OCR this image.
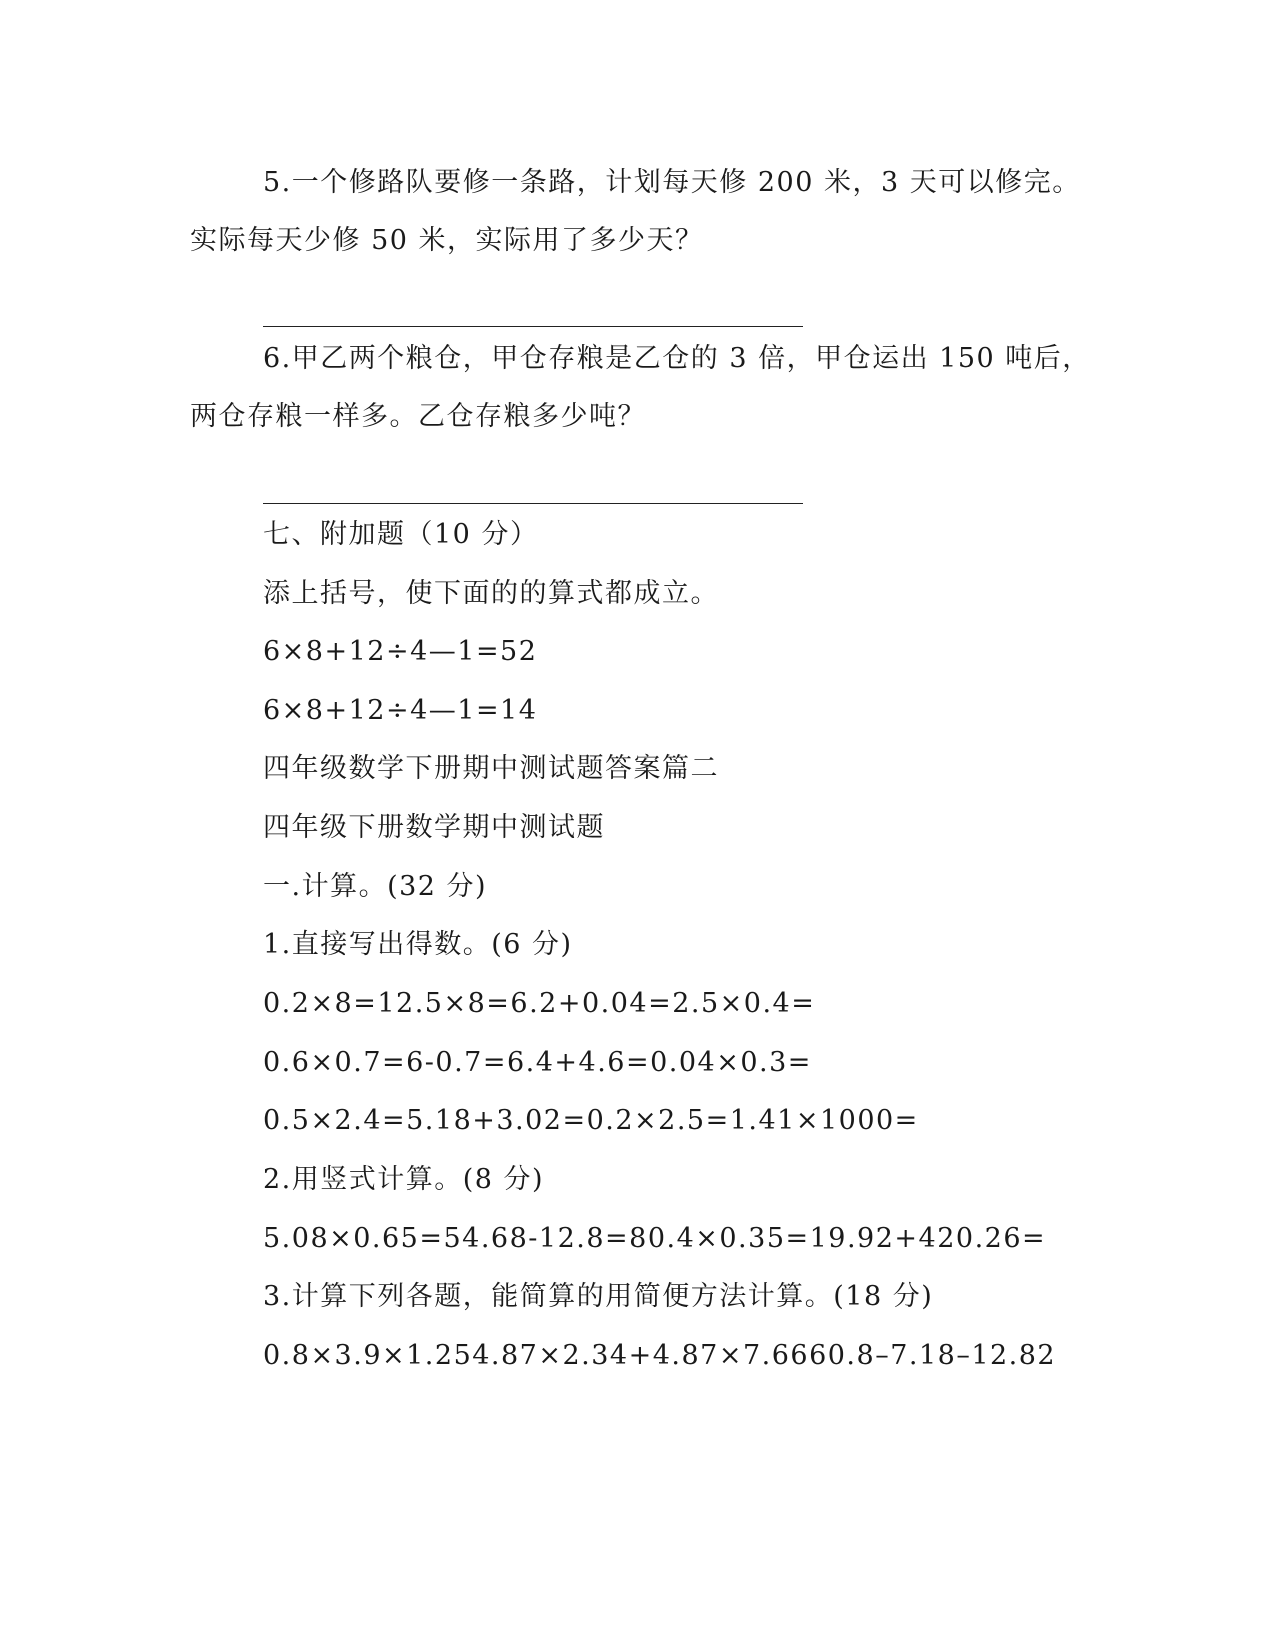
5.一个修路队要修一条路，计划每天修 200 米，3 天可以修完。
实际每天少修 50 米，实际用了多少天？
6.甲乙两个粮仓，甲仓存粮是乙仓的 3 倍，甲仓运出 150 吨后，
两仓存粮一样多。乙仓存粮多少吨？
七、附加题（10 分）
添上括号，使下面的的算式都成立。
6×8+12÷4—1=52
6×8+12÷4—1=14
四年级数学下册期中测试题答案篇二
四年级下册数学期中测试题
一.计算。(32 分)
1.直接写出得数。(6 分)
0.2×8=12.5×8=6.2+0.04=2.5×0.4=
0.6×0.7=6-0.7=6.4+4.6=0.04×0.3=
0.5×2.4=5.18+3.02=0.2×2.5=1.41×1000=
2.用竖式计算。(8 分)
5.08×0.65=54.68-12.8=80.4×0.35=19.92+420.26=
3.计算下列各题，能简算的用简便方法计算。(18 分)
0.8×3.9×1.254.87×2.34+4.87×7.6660.8–7.18–12.82
